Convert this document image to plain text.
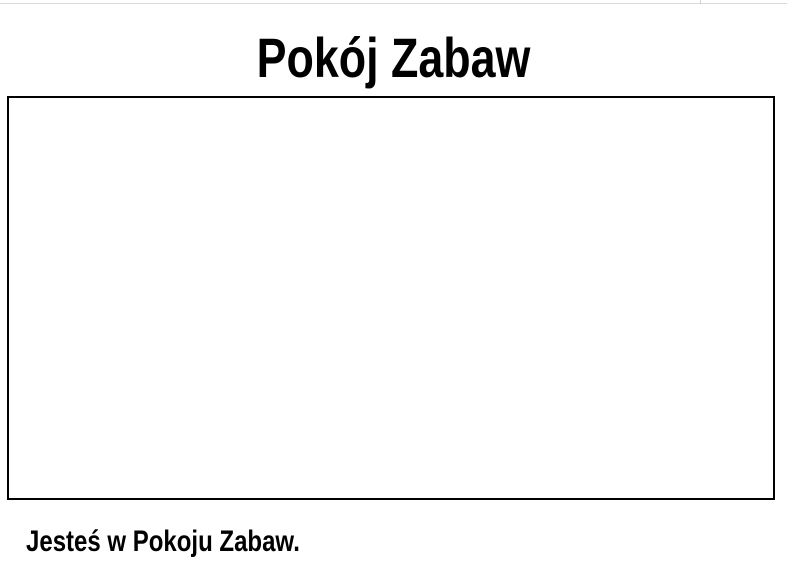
Pokój Zabaw
Jesteś w Pokoju Zabaw.
